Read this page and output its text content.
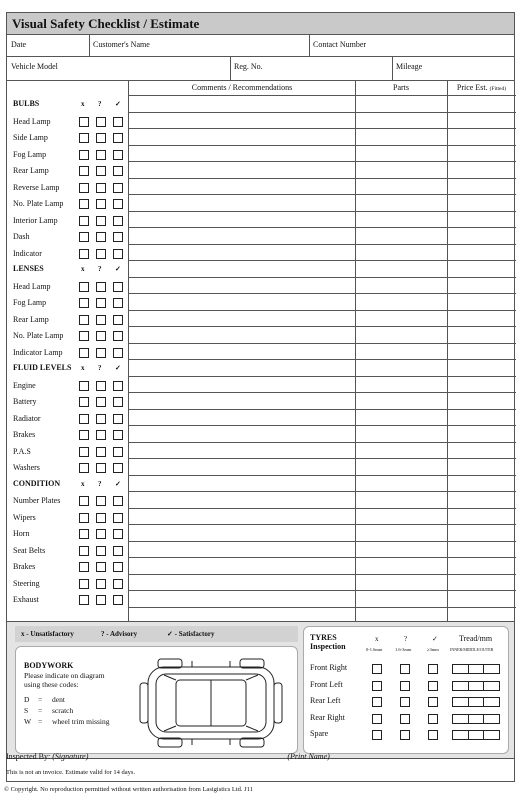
Visual Safety Checklist / Estimate
Date	Customer's Name	Contact Number
Vehicle Model	Reg. No.	Mileage
BULBS	x ? ✓
Head Lamp
Side Lamp
Fog Lamp
Rear Lamp
Reverse Lamp
No. Plate Lamp
Interior Lamp
Dash
Indicator
LENSES	x ? ✓
Head Lamp
Fog Lamp
Rear Lamp
No. Plate Lamp
Indicator Lamp
FLUID LEVELS x ? ✓
Engine
Battery
Radiator
Brakes
P.A.S
Washers
CONDITION	x ? ✓
Number Plates
Wipers
Horn
Seat Belts
Brakes
Steering
Exhaust
Comments / Recommendations	Parts	Price Est. (Fitted)
x - Unsatisfactory	? - Advisory	✓ - Satisfactory
BODYWORK
Please indicate on diagram
using these codes:
D = dent
S = scratch
W = wheel trim missing
TYRES
Inspection
x	?	✓
0-1.6mm	1.6-3mm	≥3mm
Tread/mm
INNER/MIDDLE/OUTER
Front Right
Front Left
Rear Left
Rear Right
Spare
Inspected By: (Signature) ................................................................. (Print Name) ..................................................
This is not an invoice. Estimate valid for 14 days.
© Copyright. No reproduction permitted without written authorisation from Lasigistics Ltd. J11
